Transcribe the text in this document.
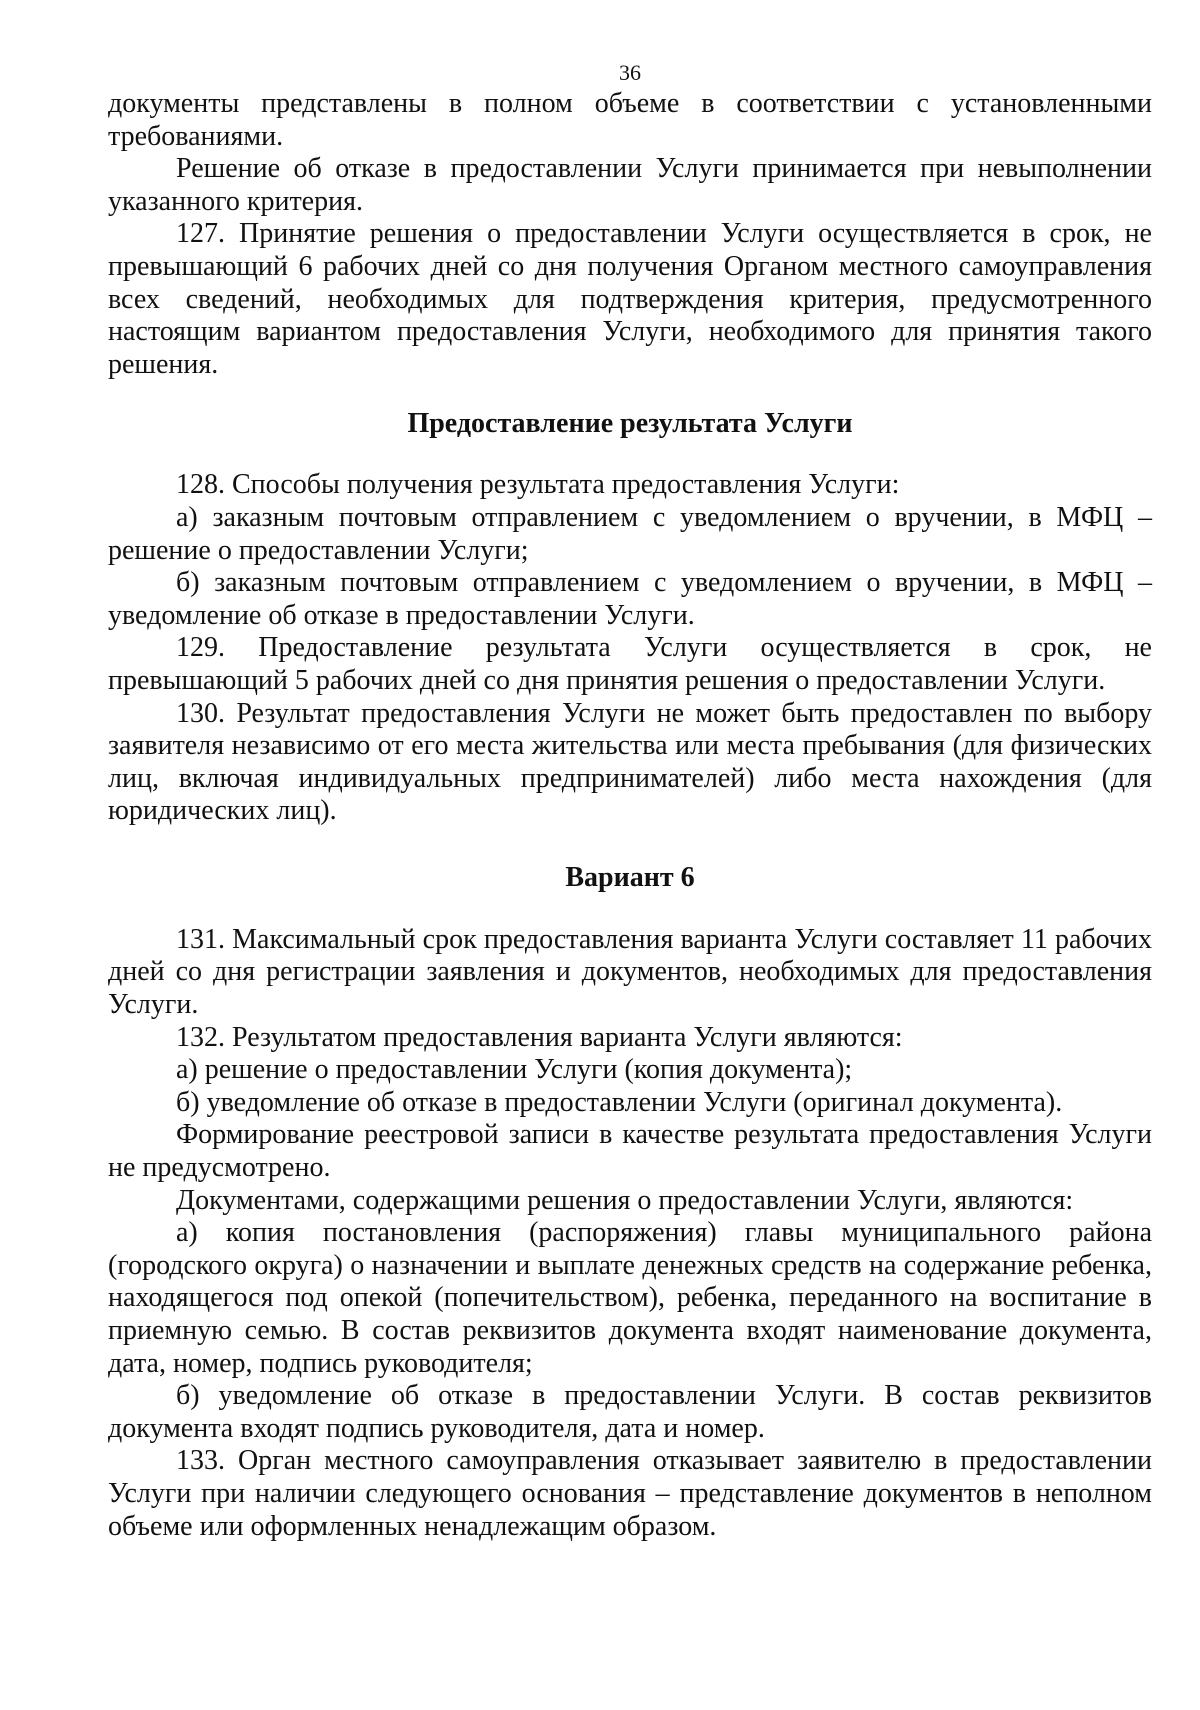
36

документы представлены в полном объеме в соответствии с установленными требованиями.

Решение об отказе в предоставлении Услуги принимается при невыполнении указанного критерия.

127. Принятие решения о предоставлении Услуги осуществляется в срок, не превышающий 6 рабочих дней со дня получения Органом местного самоуправления всех сведений, необходимых для подтверждения критерия, предусмотренного настоящим вариантом предоставления Услуги, необходимого для принятия такого решения.

Предоставление результата Услуги

128. Способы получения результата предоставления Услуги:

а) заказным почтовым отправлением с уведомлением о вручении, в МФЦ – решение о предоставлении Услуги;

б) заказным почтовым отправлением с уведомлением о вручении, в МФЦ – уведомление об отказе в предоставлении Услуги.

129. Предоставление результата Услуги осуществляется в срок, не превышающий 5 рабочих дней со дня принятия решения о предоставлении Услуги.

130. Результат предоставления Услуги не может быть предоставлен по выбору заявителя независимо от его места жительства или места пребывания (для физических лиц, включая индивидуальных предпринимателей) либо места нахождения (для юридических лиц).

Вариант 6

131. Максимальный срок предоставления варианта Услуги составляет 11 рабочих дней со дня регистрации заявления и документов, необходимых для предоставления Услуги.

132. Результатом предоставления варианта Услуги являются:

а) решение о предоставлении Услуги (копия документа);

б) уведомление об отказе в предоставлении Услуги (оригинал документа).

Формирование реестровой записи в качестве результата предоставления Услуги не предусмотрено.

Документами, содержащими решения о предоставлении Услуги, являются:

а) копия постановления (распоряжения) главы муниципального района (городского округа) о назначении и выплате денежных средств на содержание ребенка, находящегося под опекой (попечительством), ребенка, переданного на воспитание в приемную семью. В состав реквизитов документа входят наименование документа, дата, номер, подпись руководителя;

б) уведомление об отказе в предоставлении Услуги. В состав реквизитов документа входят подпись руководителя, дата и номер.

133. Орган местного самоуправления отказывает заявителю в предоставлении Услуги при наличии следующего основания – представление документов в неполном объеме или оформленных ненадлежащим образом.
